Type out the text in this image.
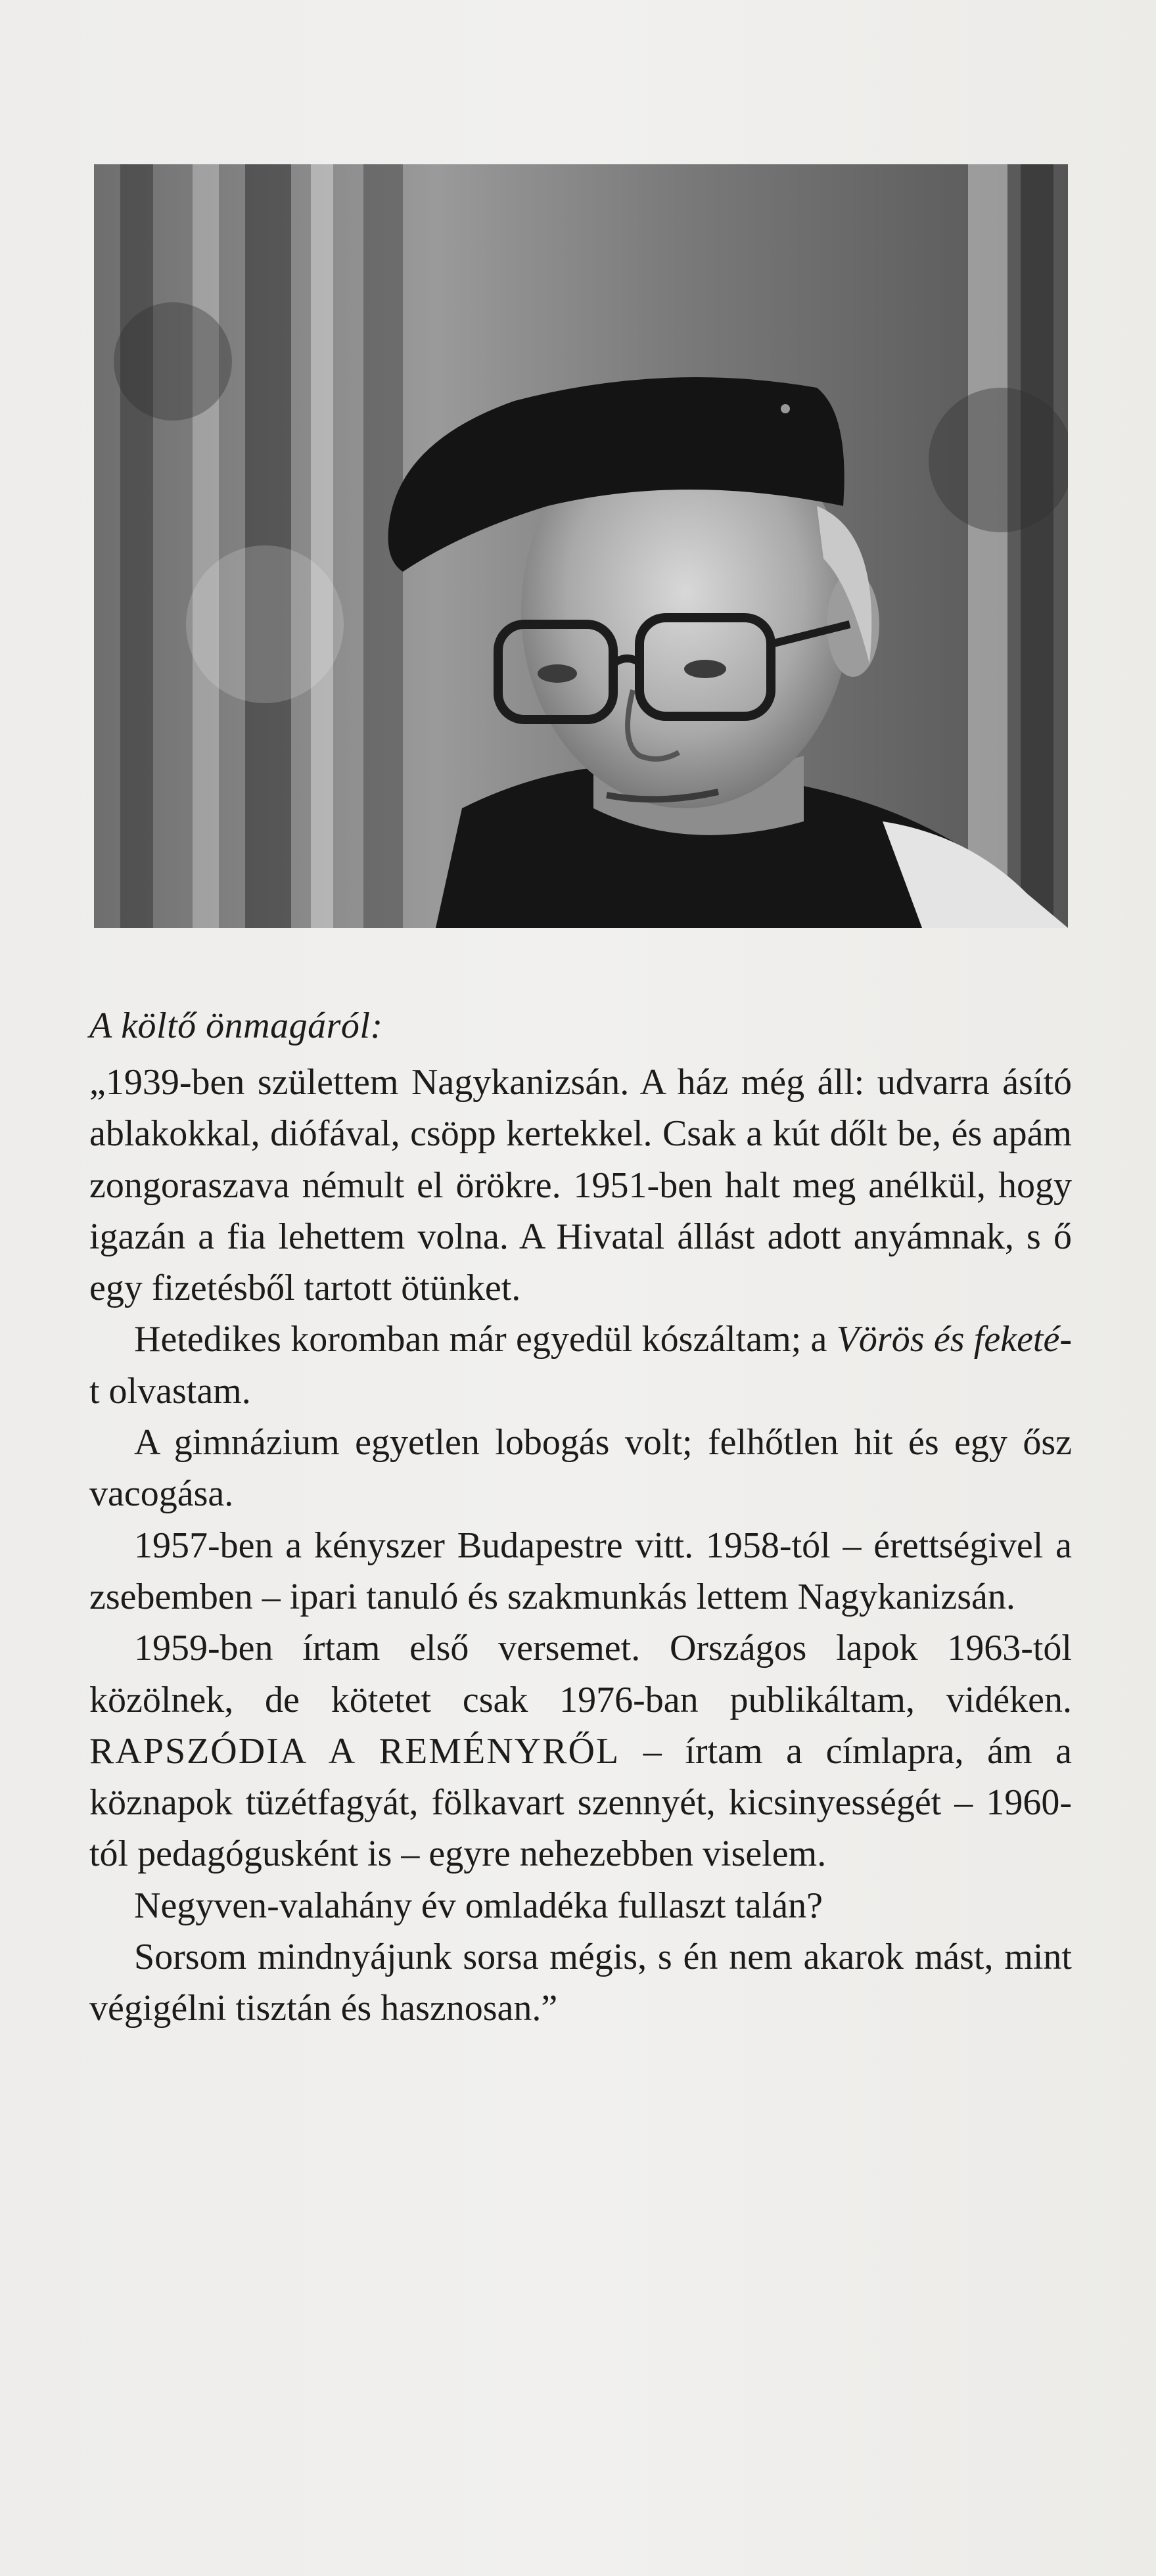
A költő önmagáról:

„1939-ben születtem Nagykanizsán. A ház még áll: udvarra ásító ablakokkal, diófával, csöpp kertekkel. Csak a kút dőlt be, és apám zongoraszava némult el örökre. 1951-ben halt meg anélkül, hogy igazán a fia lehettem volna. A Hivatal állást adott anyámnak, s ő egy fizetésből tartott ötünket.

Hetedikes koromban már egyedül kószáltam; a Vörös és feketé-t olvastam.

A gimnázium egyetlen lobogás volt; felhőtlen hit és egy ősz vacogása.

1957-ben a kényszer Budapestre vitt. 1958-tól – érettségivel a zsebemben – ipari tanuló és szakmunkás lettem Nagykanizsán.

1959-ben írtam első versemet. Országos lapok 1963-tól közölnek, de kötetet csak 1976-ban publikáltam, vidéken. RAPSZÓDIA A REMÉNYRŐL – írtam a címlapra, ám a köznapok tüzétfagyát, fölkavart szennyét, kicsinyességét – 1960-tól pedagógusként is – egyre nehezebben viselem.

Negyven-valahány év omladéka fullaszt talán?

Sorsom mindnyájunk sorsa mégis, s én nem akarok mást, mint végigélni tisztán és hasznosan.”
